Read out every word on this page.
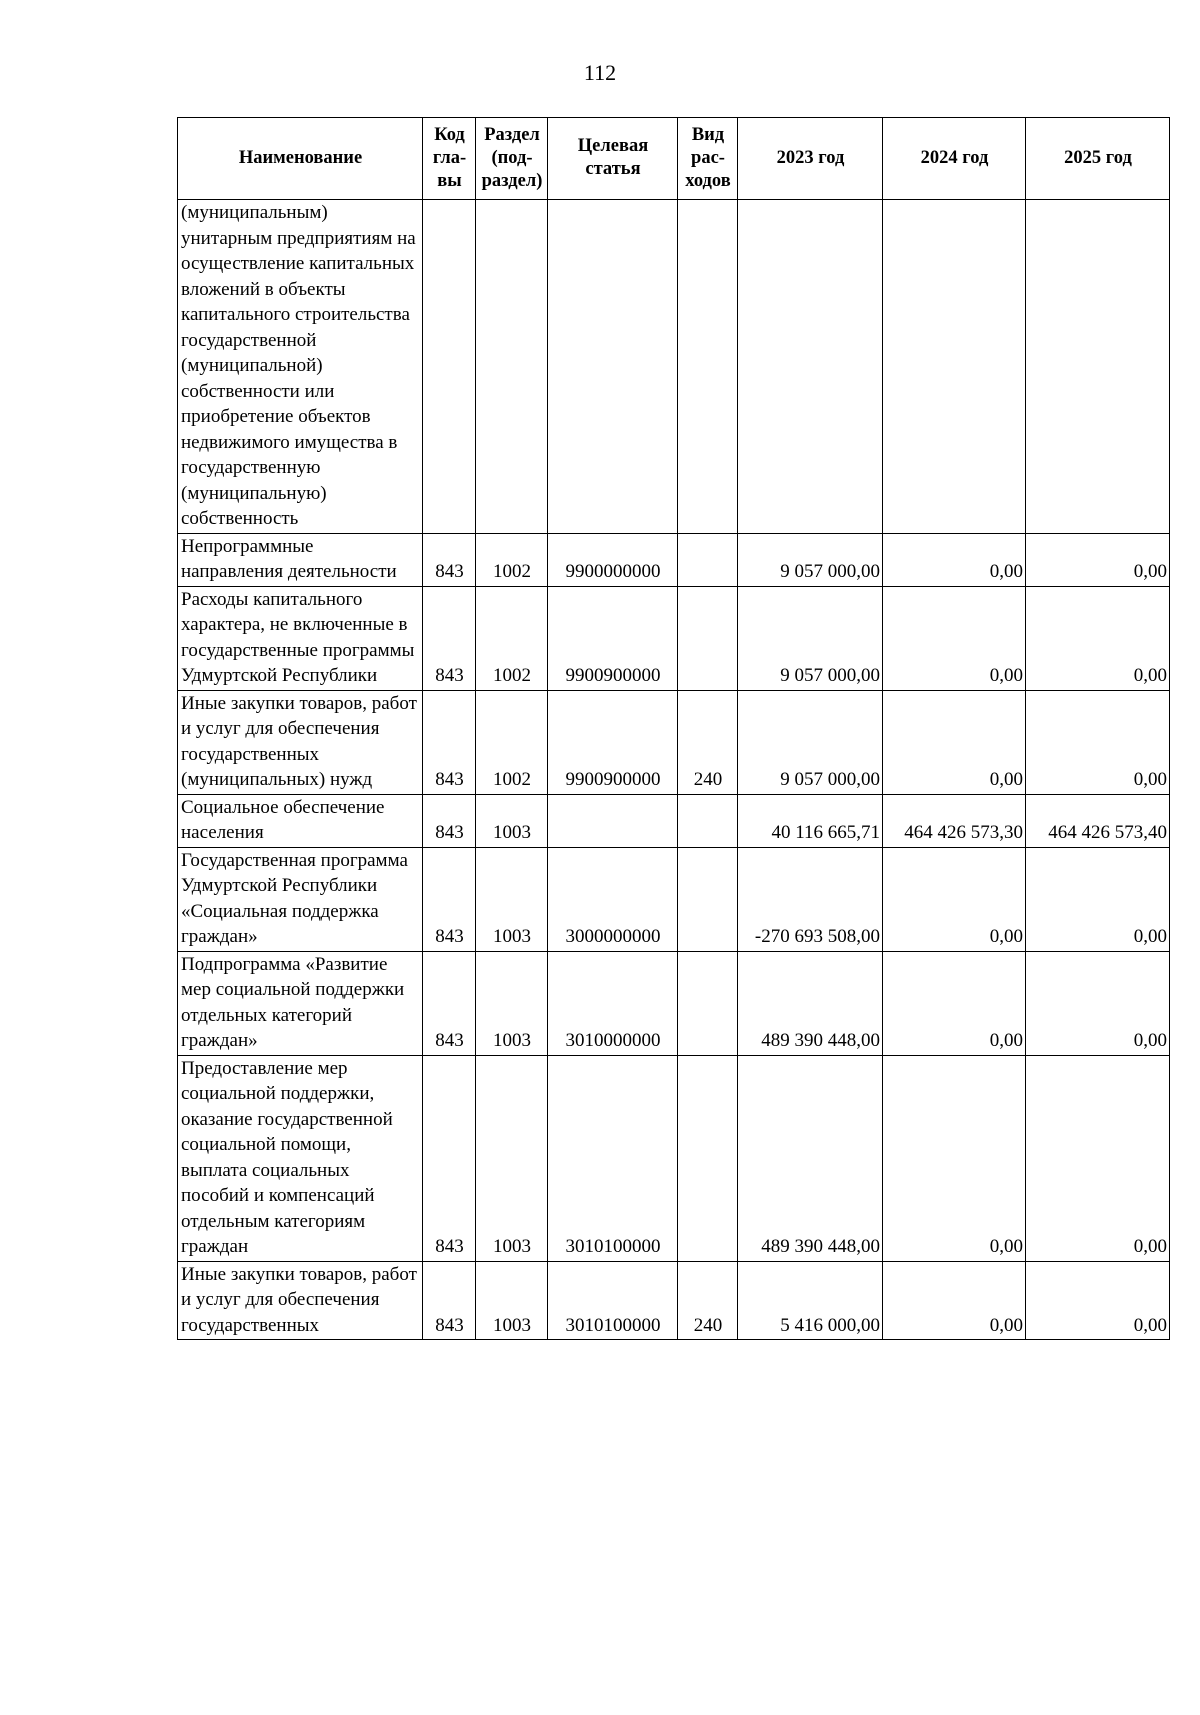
112
Наименование	Код гла-вы	Раздел (под-раздел)	Целевая статья	Вид рас-ходов	2023 год	2024 год	2025 год
(муниципальным) унитарным предприятиям на осуществление капитальных вложений в объекты капитального строительства государственной (муниципальной) собственности или приобретение объектов недвижимого имущества в государственную (муниципальную) собственность							
Непрограммные направления деятельности	843	1002	9900000000		9 057 000,00	0,00	0,00
Расходы капитального характера, не включенные в государственные программы Удмуртской Республики	843	1002	9900900000		9 057 000,00	0,00	0,00
Иные закупки товаров, работ и услуг для обеспечения государственных (муниципальных) нужд	843	1002	9900900000	240	9 057 000,00	0,00	0,00
Социальное обеспечение населения	843	1003			40 116 665,71	464 426 573,30	464 426 573,40
Государственная программа Удмуртской Республики «Социальная поддержка граждан»	843	1003	3000000000		-270 693 508,00	0,00	0,00
Подпрограмма «Развитие мер социальной поддержки отдельных категорий граждан»	843	1003	3010000000		489 390 448,00	0,00	0,00
Предоставление мер социальной поддержки, оказание государственной социальной помощи, выплата социальных пособий и компенсаций отдельным категориям граждан	843	1003	3010100000		489 390 448,00	0,00	0,00
Иные закупки товаров, работ и услуг для обеспечения государственных	843	1003	3010100000	240	5 416 000,00	0,00	0,00
